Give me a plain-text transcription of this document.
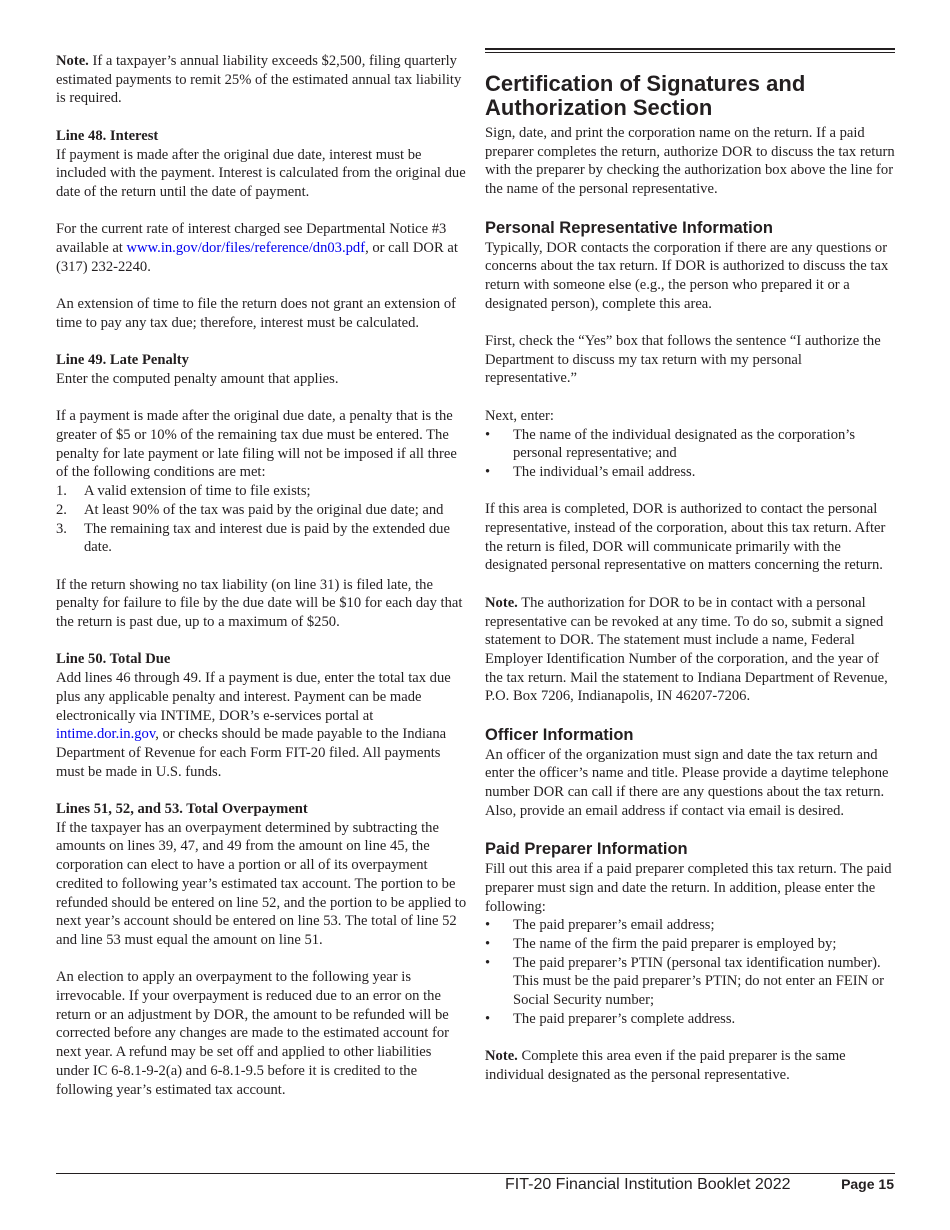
Note. If a taxpayer’s annual liability exceeds $2,500, filing quarterly estimated payments to remit 25% of the estimated annual tax liability is required.

Line 48. Interest
If payment is made after the original due date, interest must be included with the payment. Interest is calculated from the original due date of the return until the date of payment.

For the current rate of interest charged see Departmental Notice #3 available at www.in.gov/dor/files/reference/dn03.pdf, or call DOR at (317) 232-2240.

An extension of time to file the return does not grant an extension of time to pay any tax due; therefore, interest must be calculated.

Line 49. Late Penalty
Enter the computed penalty amount that applies.

If a payment is made after the original due date, a penalty that is the greater of $5 or 10% of the remaining tax due must be entered. The penalty for late payment or late filing will not be imposed if all three of the following conditions are met:

1. A valid extension of time to file exists;
2. At least 90% of the tax was paid by the original due date; and
3. The remaining tax and interest due is paid by the extended due date.

If the return showing no tax liability (on line 31) is filed late, the penalty for failure to file by the due date will be $10 for each day that the return is past due, up to a maximum of $250.

Line 50. Total Due
Add lines 46 through 49. If a payment is due, enter the total tax due plus any applicable penalty and interest. Payment can be made electronically via INTIME, DOR’s e-services portal at intime.dor.in.gov, or checks should be made payable to the Indiana Department of Revenue for each Form FIT-20 filed. All payments must be made in U.S. funds.

Lines 51, 52, and 53. Total Overpayment
If the taxpayer has an overpayment determined by subtracting the amounts on lines 39, 47, and 49 from the amount on line 45, the corporation can elect to have a portion or all of its overpayment credited to following year’s estimated tax account. The portion to be refunded should be entered on line 52, and the portion to be applied to next year’s account should be entered on line 53. The total of line 52 and line 53 must equal the amount on line 51.

An election to apply an overpayment to the following year is irrevocable. If your overpayment is reduced due to an error on the return or an adjustment by DOR, the amount to be refunded will be corrected before any changes are made to the estimated account for next year. A refund may be set off and applied to other liabilities under IC 6-8.1-9-2(a) and 6-8.1-9.5 before it is credited to the following year’s estimated tax account.

Certification of Signatures and Authorization Section

Sign, date, and print the corporation name on the return. If a paid preparer completes the return, authorize DOR to discuss the tax return with the preparer by checking the authorization box above the line for the name of the personal representative.

Personal Representative Information

Typically, DOR contacts the corporation if there are any questions or concerns about the tax return. If DOR is authorized to discuss the tax return with someone else (e.g., the person who prepared it or a designated person), complete this area.

First, check the “Yes” box that follows the sentence “I authorize the Department to discuss my tax return with my personal representative.”

Next, enter:

• The name of the individual designated as the corporation’s personal representative; and
• The individual’s email address.

If this area is completed, DOR is authorized to contact the personal representative, instead of the corporation, about this tax return. After the return is filed, DOR will communicate primarily with the designated personal representative on matters concerning the return.

Note. The authorization for DOR to be in contact with a personal representative can be revoked at any time. To do so, submit a signed statement to DOR. The statement must include a name, Federal Employer Identification Number of the corporation, and the year of the tax return. Mail the statement to Indiana Department of Revenue, P.O. Box 7206, Indianapolis, IN 46207-7206.

Officer Information

An officer of the organization must sign and date the tax return and enter the officer’s name and title. Please provide a daytime telephone number DOR can call if there are any questions about the tax return. Also, provide an email address if contact via email is desired.

Paid Preparer Information

Fill out this area if a paid preparer completed this tax return. The paid preparer must sign and date the return. In addition, please enter the following:

• The paid preparer’s email address;
• The name of the firm the paid preparer is employed by;
• The paid preparer’s PTIN (personal tax identification number). This must be the paid preparer’s PTIN; do not enter an FEIN or Social Security number;
• The paid preparer’s complete address.

Note. Complete this area even if the paid preparer is the same individual designated as the personal representative.

FIT-20 Financial Institution Booklet 2022	Page 15
